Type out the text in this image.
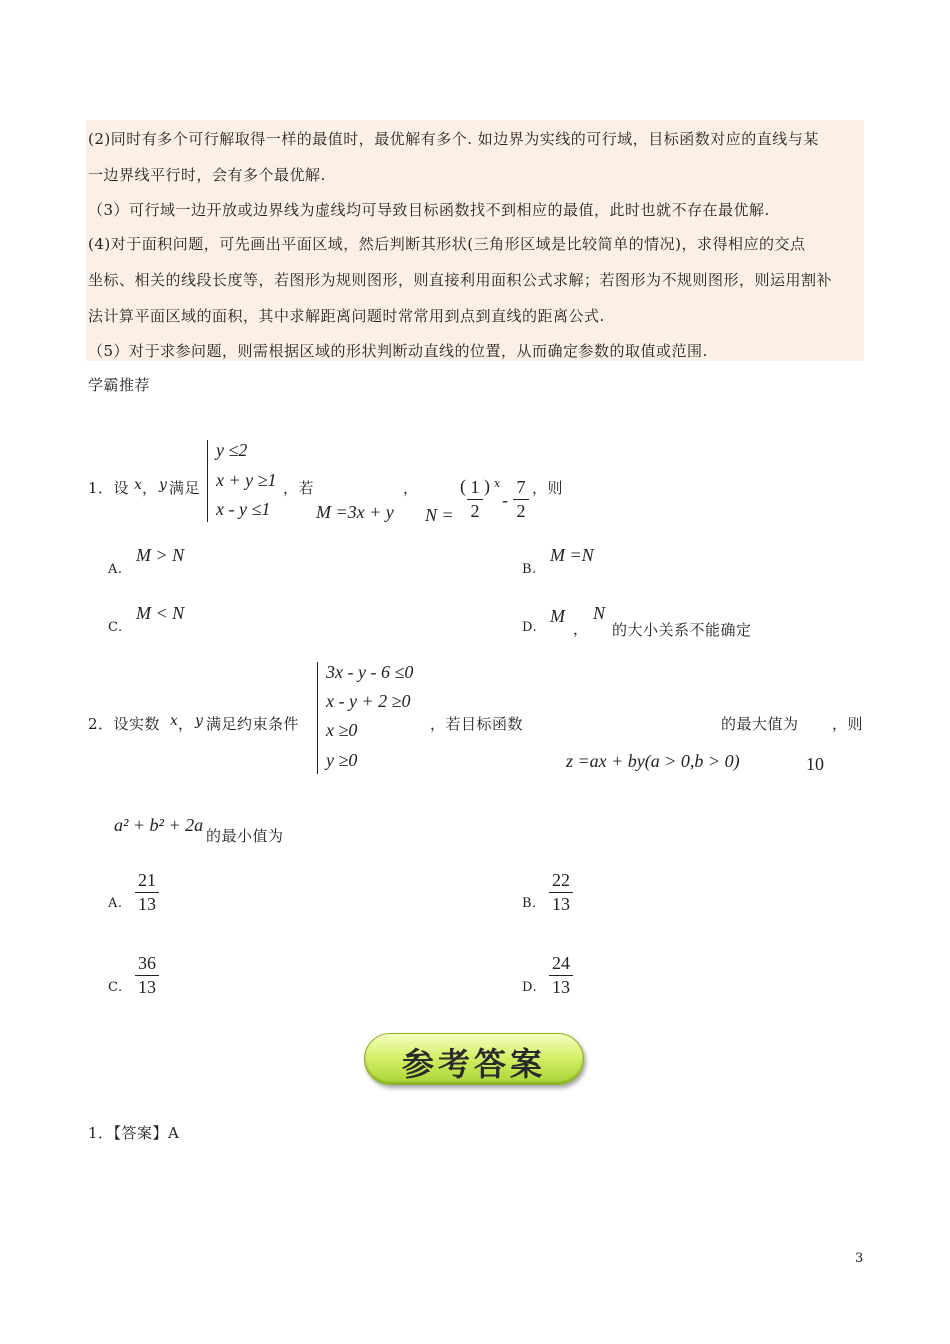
(2)同时有多个可行解取得一样的最值时，最优解有多个. 如边界为实线的可行域，目标函数对应的直线与某
一边界线平行时，会有多个最优解.
（3）可行域一边开放或边界线为虚线均可导致目标函数找不到相应的最值，此时也就不存在最优解.
(4)对于面积问题，可先画出平面区域，然后判断其形状(三角形区域是比较简单的情况)，求得相应的交点
坐标、相关的线段长度等，若图形为规则图形，则直接利用面积公式求解；若图形为不规则图形，则运用割补
法计算平面区域的面积，其中求解距离问题时常常用到点到直线的距离公式.
（5）对于求参问题，则需根据区域的形状判断动直线的位置，从而确定参数的取值或范围.
学霸推荐
1．设 x ， y 满足
y ≤2
x + y ≥1
x - y ≤1
，若	，
M =3x + y N =
( 1
2
) x
-
7
2
，则
A.
M > N
B.
M =N
C.
M < N
D.
M
，
N
的大小关系不能确定
2．设实数 x ， y 满足约束条件
3x - y - 6 ≤0
x - y + 2 ≥0
x ≥0
y ≥0
，若目标函数
z =ax + by(a > 0,b > 0)
的最大值为
10
，则
a² + b² + 2a
的最小值为
A.
21
13	B.
22
13
C.
36
13	D.
24
13
参考答案
1．【答案】A
3
